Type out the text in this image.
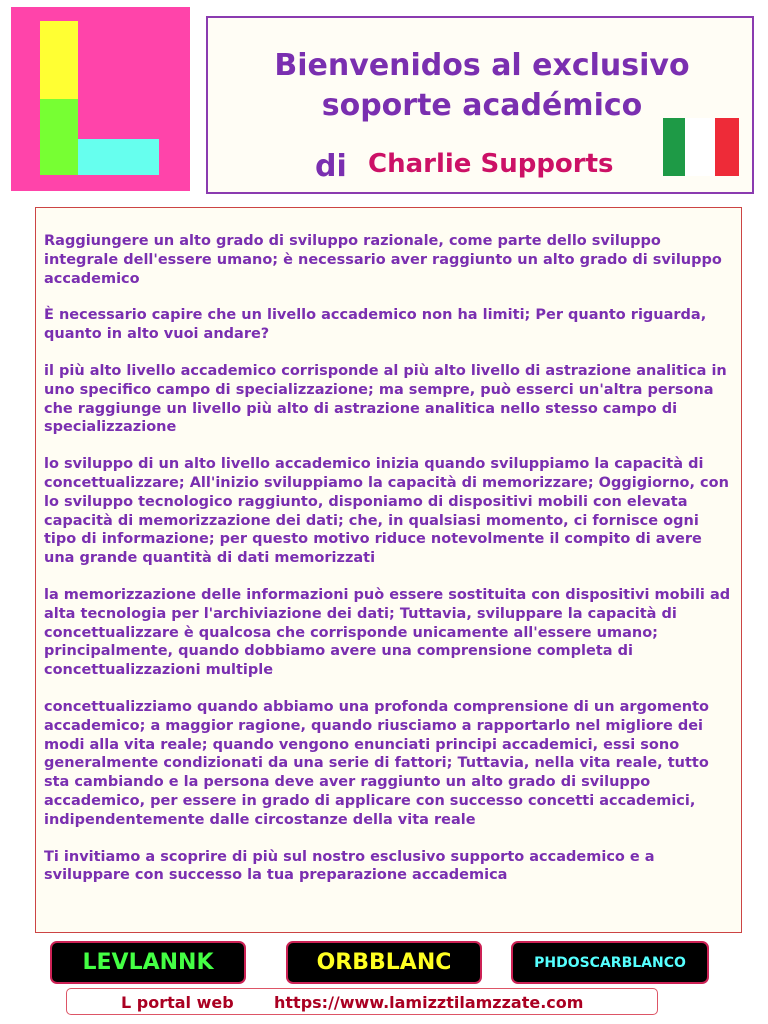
Bienvenidos al exclusivo
soporte académico
di Charlie Supports

Raggiungere un alto grado di sviluppo razionale, come parte dello sviluppo integrale dell'essere umano; è necessario aver raggiunto un alto grado di sviluppo accademico

È necessario capire che un livello accademico non ha limiti; Per quanto riguarda, quanto in alto vuoi andare?

il più alto livello accademico corrisponde al più alto livello di astrazione analitica in uno specifico campo di specializzazione; ma sempre, può esserci un'altra persona che raggiunge un livello più alto di astrazione analitica nello stesso campo di specializzazione

lo sviluppo di un alto livello accademico inizia quando sviluppiamo la capacità di concettualizzare; All'inizio sviluppiamo la capacità di memorizzare; Oggigiorno, con lo sviluppo tecnologico raggiunto, disponiamo di dispositivi mobili con elevata capacità di memorizzazione dei dati; che, in qualsiasi momento, ci fornisce ogni tipo di informazione; per questo motivo riduce notevolmente il compito di avere una grande quantità di dati memorizzati

la memorizzazione delle informazioni può essere sostituita con dispositivi mobili ad alta tecnologia per l'archiviazione dei dati; Tuttavia, sviluppare la capacità di concettualizzare è qualcosa che corrisponde unicamente all'essere umano; principalmente, quando dobbiamo avere una comprensione completa di concettualizzazioni multiple

concettualizziamo quando abbiamo una profonda comprensione di un argomento accademico; a maggior ragione, quando riusciamo a rapportarlo nel migliore dei modi alla vita reale; quando vengono enunciati principi accademici, essi sono generalmente condizionati da una serie di fattori; Tuttavia, nella vita reale, tutto sta cambiando e la persona deve aver raggiunto un alto grado di sviluppo accademico, per essere in grado di applicare con successo concetti accademici, indipendentemente dalle circostanze della vita reale

Ti invitiamo a scoprire di più sul nostro esclusivo supporto accademico e a sviluppare con successo la tua preparazione accademica

LEVLANNK	ORBBLANC	PHDOSCARBLANCO
L portal web	https://www.lamizztilamzzate.com
